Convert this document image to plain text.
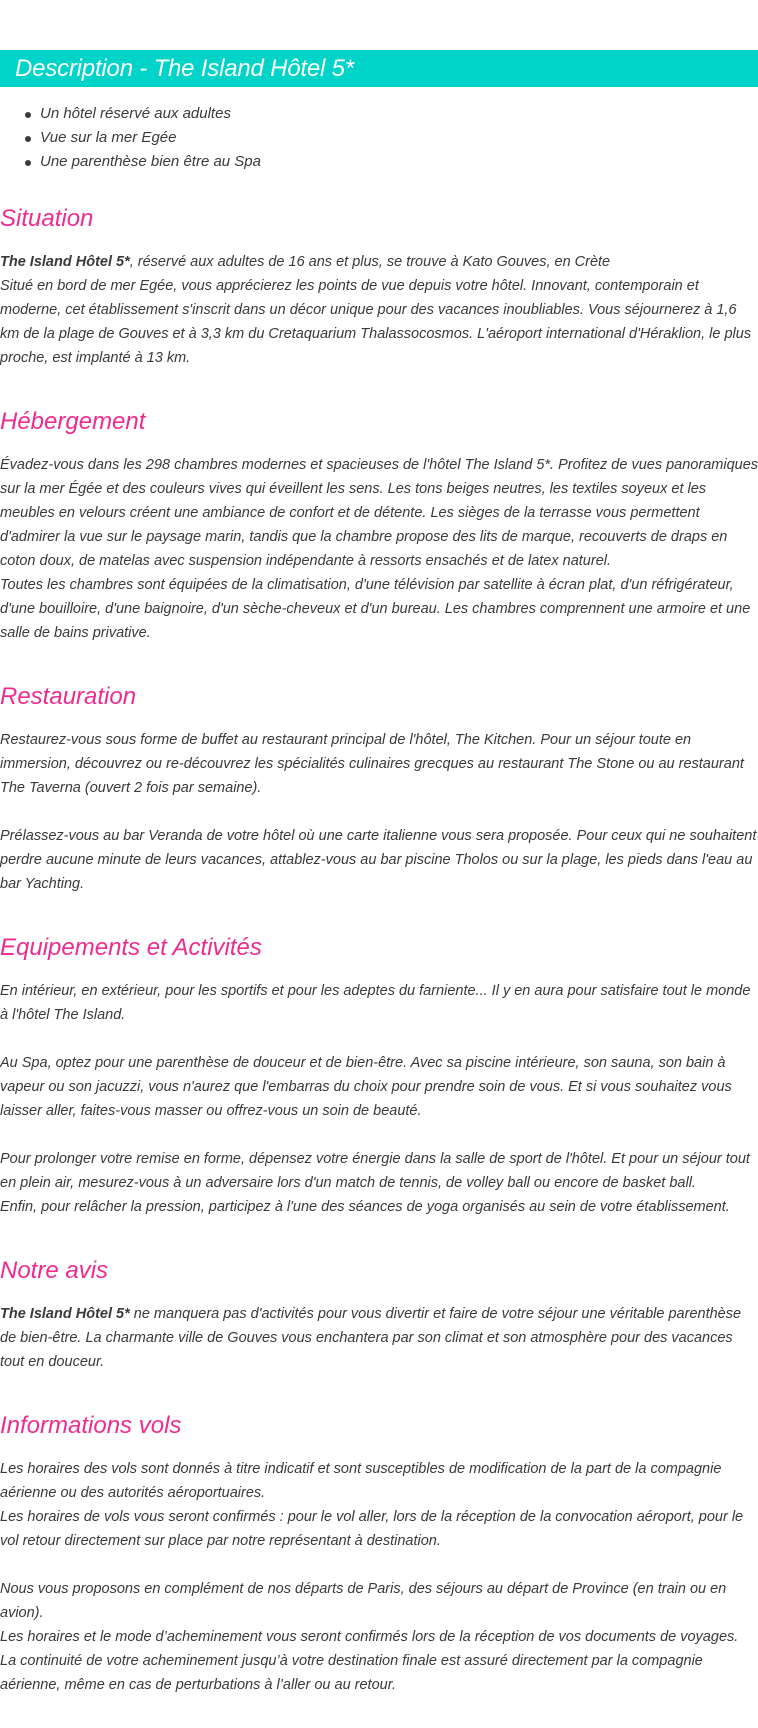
Description - The Island Hôtel 5*
Un hôtel réservé aux adultes
Vue sur la mer Egée
Une parenthèse bien être au Spa
Situation

The Island Hôtel 5*, réservé aux adultes de 16 ans et plus, se trouve à Kato Gouves, en Crète

Situé en bord de mer Egée, vous apprécierez les points de vue depuis votre hôtel. Innovant, contemporain et moderne, cet établissement s'inscrit dans un décor unique pour des vacances inoubliables. Vous séjournerez à 1,6 km de la plage de Gouves et à 3,3 km du Cretaquarium Thalassocosmos. L'aéroport international d'Héraklion, le plus proche, est implanté à 13 km.

Hébergement

Évadez-vous dans les 298 chambres modernes et spacieuses de l'hôtel The Island 5*. Profitez de vues panoramiques sur la mer Égée et des couleurs vives qui éveillent les sens. Les tons beiges neutres, les textiles soyeux et les meubles en velours créent une ambiance de confort et de détente. Les sièges de la terrasse vous permettent d'admirer la vue sur le paysage marin, tandis que la chambre propose des lits de marque, recouverts de draps en coton doux, de matelas avec suspension indépendante à ressorts ensachés et de latex naturel.

Toutes les chambres sont équipées de la climatisation, d'une télévision par satellite à écran plat, d'un réfrigérateur, d'une bouilloire, d'une baignoire, d'un sèche-cheveux et d'un bureau. Les chambres comprennent une armoire et une salle de bains privative.

Restauration

Restaurez-vous sous forme de buffet au restaurant principal de l'hôtel, The Kitchen. Pour un séjour toute en immersion, découvrez ou re-découvrez les spécialités culinaires grecques au restaurant The Stone ou au restaurant The Taverna (ouvert 2 fois par semaine).

Prélassez-vous au bar Veranda de votre hôtel où une carte italienne vous sera proposée. Pour ceux qui ne souhaitent perdre aucune minute de leurs vacances, attablez-vous au bar piscine Tholos ou sur la plage, les pieds dans l'eau au bar Yachting.

Equipements et Activités

En intérieur, en extérieur, pour les sportifs et pour les adeptes du farniente... Il y en aura pour satisfaire tout le monde à l'hôtel The Island.

Au Spa, optez pour une parenthèse de douceur et de bien-être. Avec sa piscine intérieure, son sauna, son bain à vapeur ou son jacuzzi, vous n'aurez que l'embarras du choix pour prendre soin de vous. Et si vous souhaitez vous laisser aller, faites-vous masser ou offrez-vous un soin de beauté.

Pour prolonger votre remise en forme, dépensez votre énergie dans la salle de sport de l'hôtel. Et pour un séjour tout en plein air, mesurez-vous à un adversaire lors d'un match de tennis, de volley ball ou encore de basket ball.

Enfin, pour relâcher la pression, participez à l'une des séances de yoga organisés au sein de votre établissement.

Notre avis

The Island Hôtel 5* ne manquera pas d'activités pour vous divertir et faire de votre séjour une véritable parenthèse de bien-être. La charmante ville de Gouves vous enchantera par son climat et son atmosphère pour des vacances tout en douceur.

Informations vols

Les horaires des vols sont donnés à titre indicatif et sont susceptibles de modification de la part de la compagnie aérienne ou des autorités aéroportuaires.

Les horaires de vols vous seront confirmés : pour le vol aller, lors de la réception de la convocation aéroport, pour le vol retour directement sur place par notre représentant à destination.

Nous vous proposons en complément de nos départs de Paris, des séjours au départ de Province (en train ou en avion).

Les horaires et le mode d’acheminement vous seront confirmés lors de la réception de vos documents de voyages.

La continuité de votre acheminement jusqu’à votre destination finale est assuré directement par la compagnie aérienne, même en cas de perturbations à l’aller ou au retour.
